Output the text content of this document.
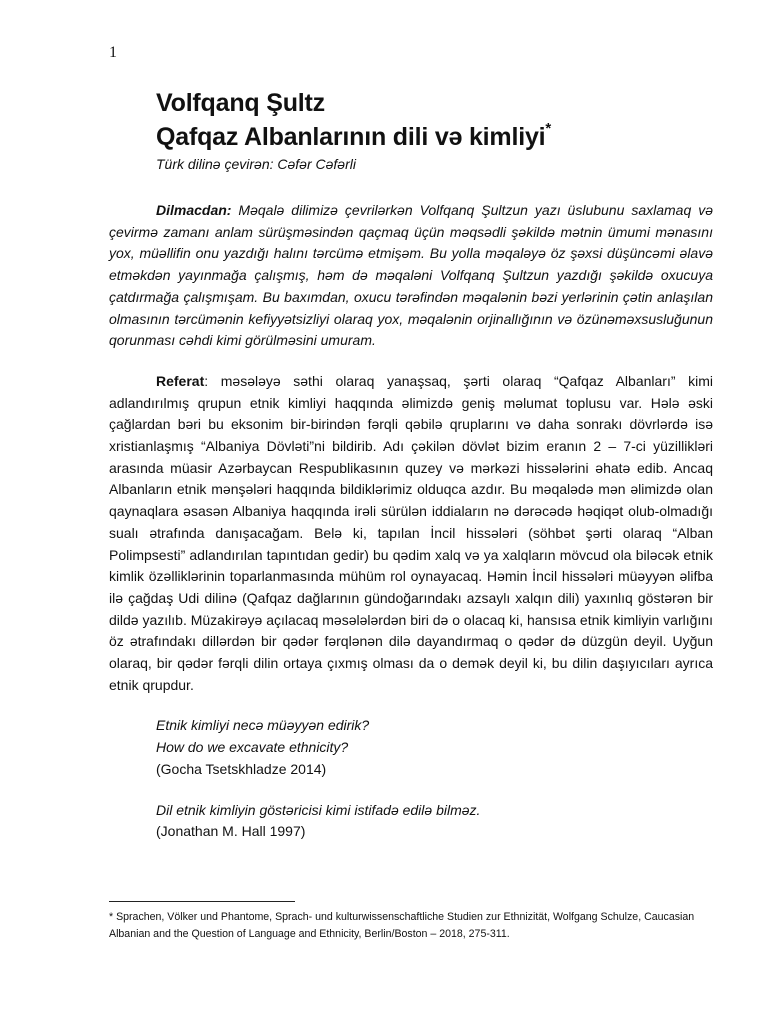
1
Volfqanq Şultz
Qafqaz Albanlarının dili və kimliyi*
Türk dilinə çevirən: Cəfər Cəfərli

Dilmacdan: Məqalə dilimizə çevrilərkən Volfqanq Şultzun yazı üslubunu saxlamaq və çevirmə zamanı anlam sürüşməsindən qaçmaq üçün məqsədli şəkildə mətnin ümumi mənasını yox, müəllifin onu yazdığı halını tərcümə etmişəm. Bu yolla məqaləyə öz şəxsi düşüncəmi əlavə etməkdən yayınmağa çalışmış, həm də məqaləni Volfqanq Şultzun yazdığı şəkildə oxucuya çatdırmağa çalışmışam. Bu baxımdan, oxucu tərəfindən məqalənin bəzi yerlərinin çətin anlaşılan olmasının tərcümənin kefiyyətsizliyi olaraq yox, məqalənin orjinallığının və özünəməxsusluğunun qorunması cəhdi kimi görülməsini umuram.

Referat: məsələyə səthi olaraq yanaşsaq, şərti olaraq “Qafqaz Albanları” kimi adlandırılmış qrupun etnik kimliyi haqqında əlimizdə geniş məlumat toplusu var. Hələ əski çağlardan bəri bu eksonim bir-birindən fərqli qəbilə qruplarını və daha sonrakı dövrlərdə isə xristianlaşmış “Albaniya Dövləti”ni bildirib. Adı çəkilən dövlət bizim eranın 2 – 7-ci yüzillikləri arasında müasir Azərbaycan Respublikasının quzey və mərkəzi hissələrini əhatə edib. Ancaq Albanların etnik mənşələri haqqında bildiklərimiz olduqca azdır. Bu məqalədə mən əlimizdə olan qaynaqlara əsasən Albaniya haqqında irəli sürülən iddiaların nə dərəcədə həqiqət olub-olmadığı sualı ətrafında danışacağam. Belə ki, tapılan İncil hissələri (söhbət şərti olaraq “Alban Polimpsesti” adlandırılan tapıntıdan gedir) bu qədim xalq və ya xalqların mövcud ola biləcək etnik kimlik özəlliklərinin toparlanmasında mühüm rol oynayacaq. Həmin İncil hissələri müəyyən əlifba ilə çağdaş Udi dilinə (Qafqaz dağlarının gündoğarındakı azsaylı xalqın dili) yaxınlıq göstərən bir dildə yazılıb. Müzakirəyə açılacaq məsələlərdən biri də o olacaq ki, hansısa etnik kimliyin varlığını öz ətrafındakı dillərdən bir qədər fərqlənən dilə dayandırmaq o qədər də düzgün deyil. Uyğun olaraq, bir qədər fərqli dilin ortaya çıxmış olması da o demək deyil ki, bu dilin daşıyıcıları ayrıca etnik qrupdur.

Etnik kimliyi necə müəyyən edirik?
How do we excavate ethnicity?
(Gocha Tsetskhladze 2014)
Dil etnik kimliyin göstəricisi kimi istifadə edilə bilməz.
(Jonathan M. Hall 1997)
* Sprachen, Völker und Phantome, Sprach- und kulturwissenschaftliche Studien zur Ethnizität, Wolfgang Schulze, Caucasian Albanian and the Question of Language and Ethnicity, Berlin/Boston – 2018, 275-311.
